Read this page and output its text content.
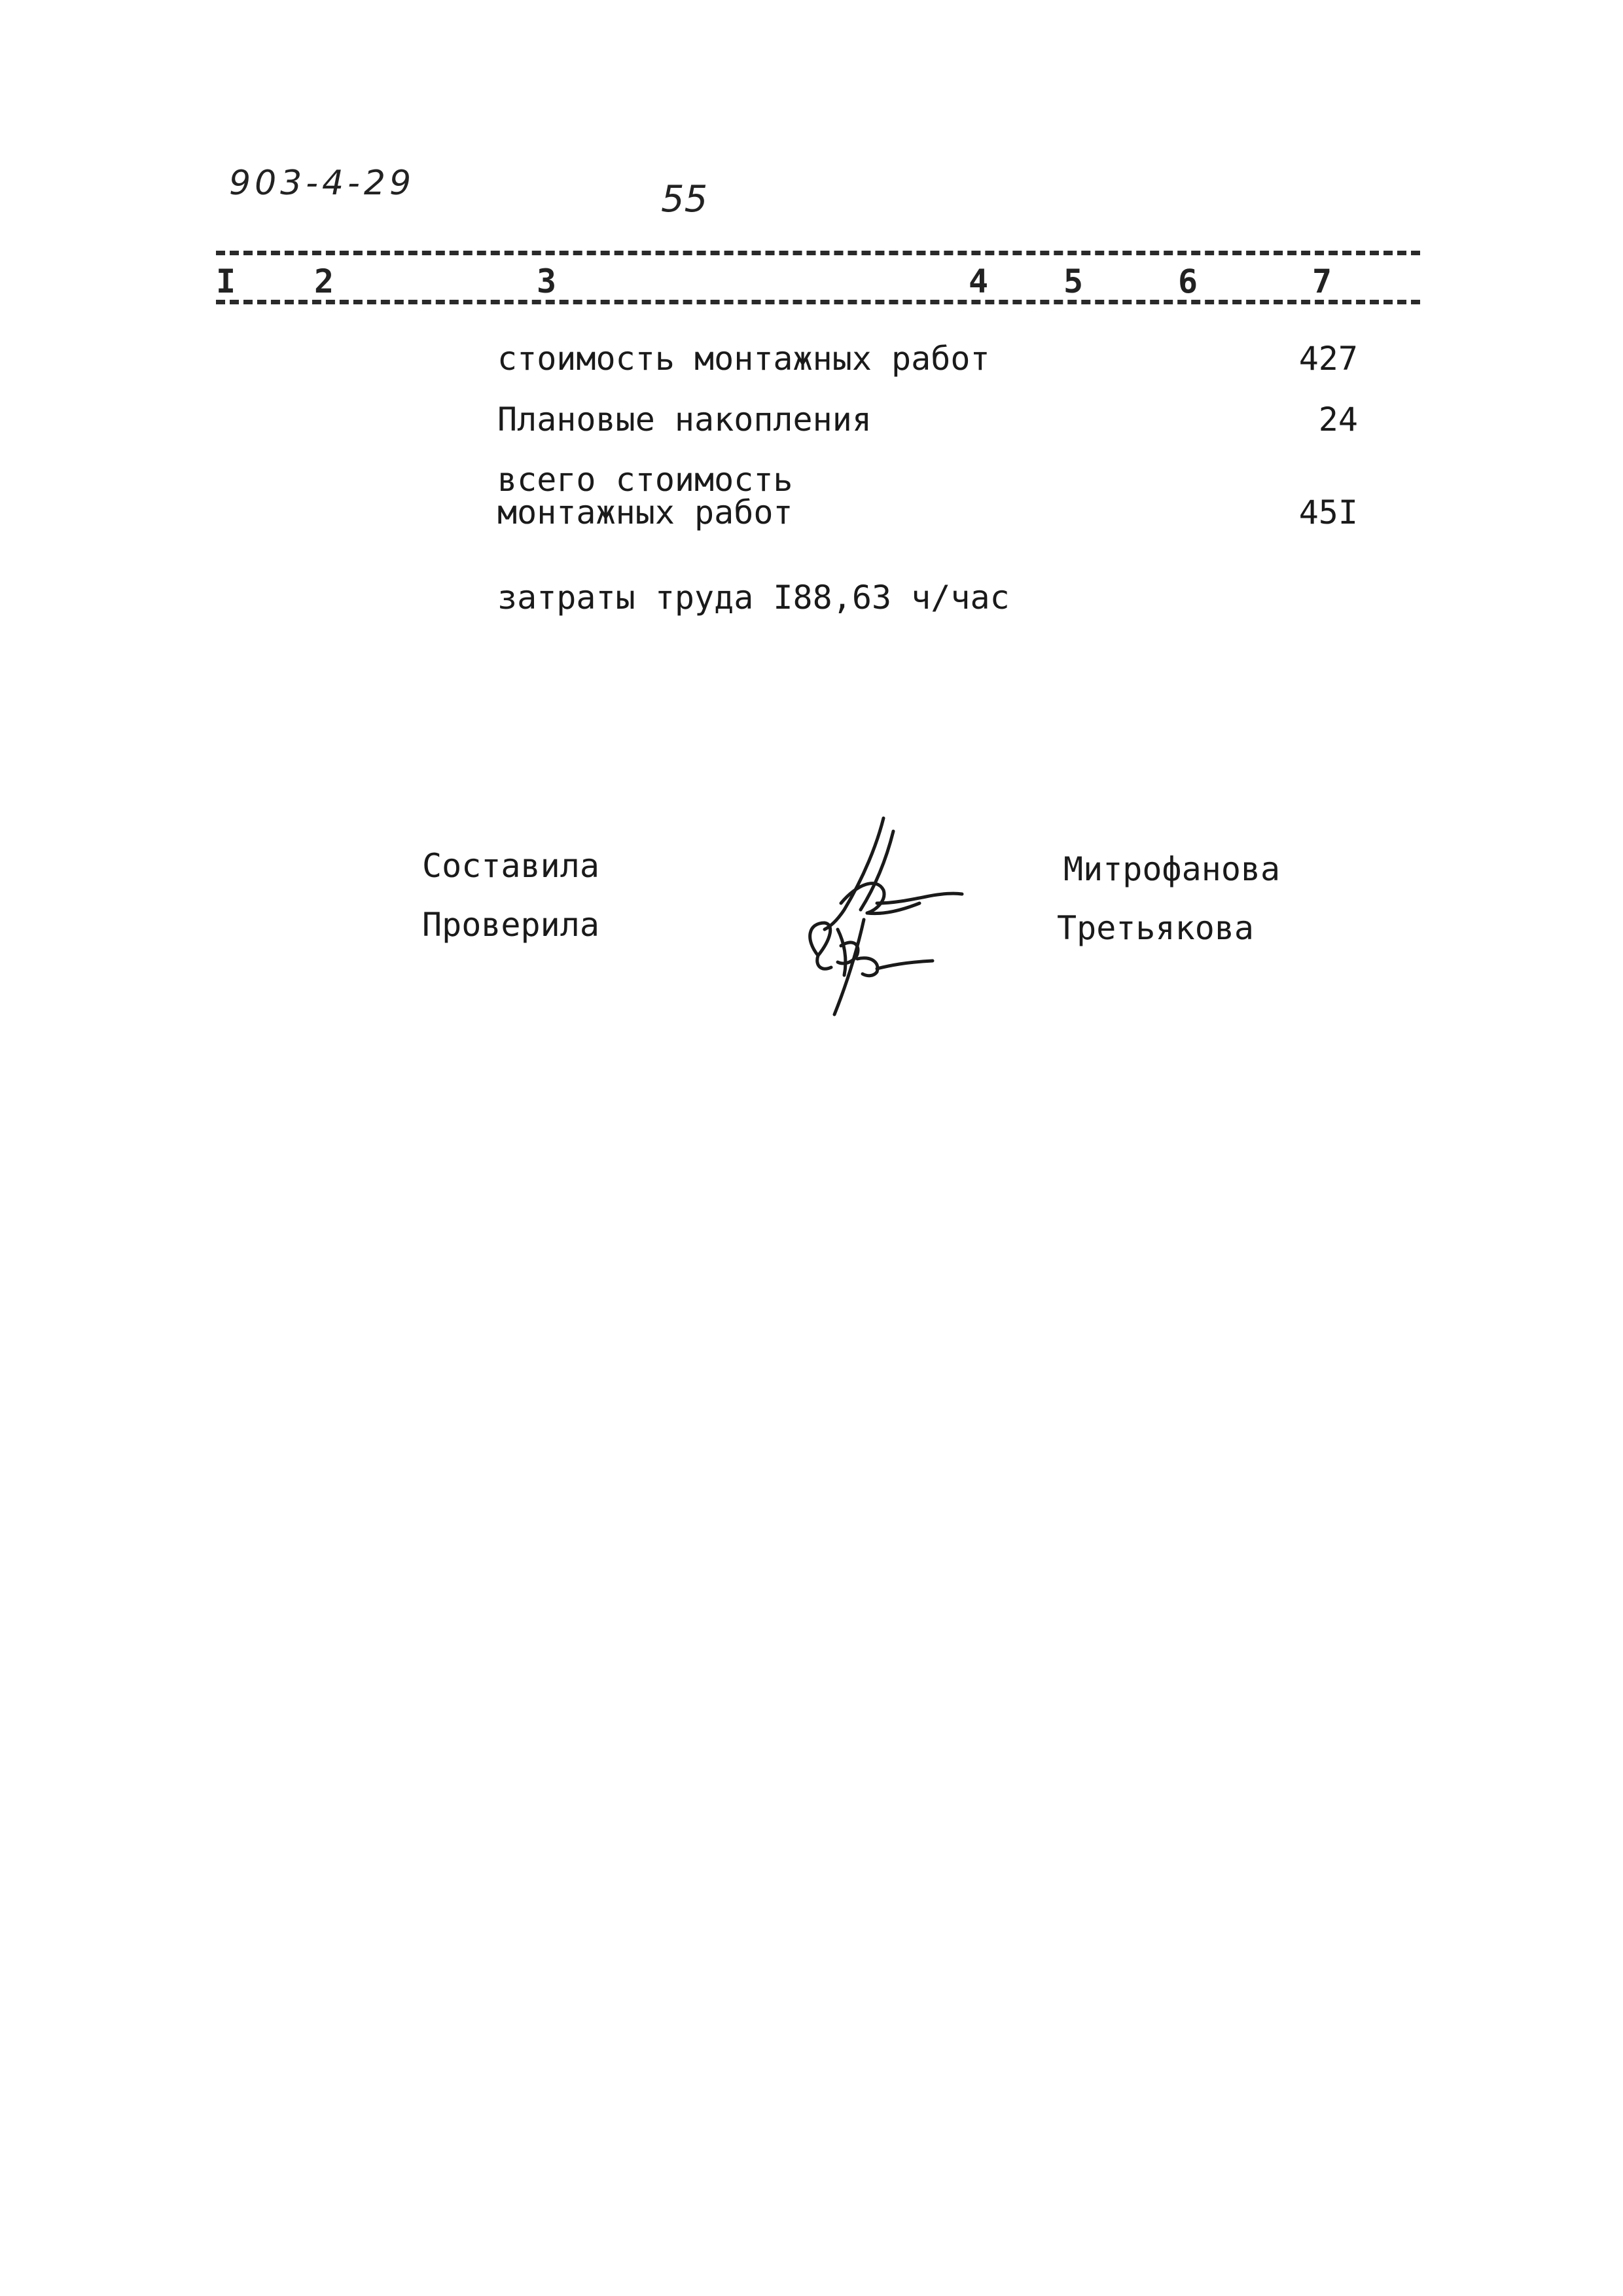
903-4-29	55
I 2	3	4 5	6	7
стоимость монтажных работ	427
Плановые накопления	24
всего стоимость
монтажных работ	45I
затраты труда I88,63 ч/час
Составила	Митрофанова
Проверила	Третьякова
